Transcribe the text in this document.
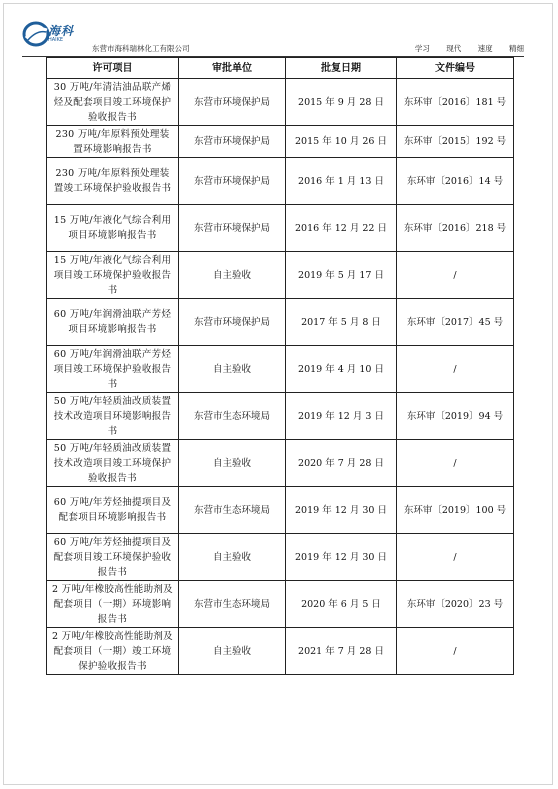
海科
HAIKE
东营市海科瑞林化工有限公司	学习 现代 速度 精细
许可项目	审批单位	批复日期	文件编号
30 万吨/年清洁油品联产烯烃及配套项目竣工环境保护验收报告书	东营市环境保护局	2015 年 9 月 28 日	东环审〔2016〕181 号
230 万吨/年原料预处理装置环境影响报告书	东营市环境保护局	2015 年 10 月 26 日	东环审〔2015〕192 号
230 万吨/年原料预处理装置竣工环境保护验收报告书	东营市环境保护局	2016 年 1 月 13 日	东环审〔2016〕14 号
15 万吨/年液化气综合利用项目环境影响报告书	东营市环境保护局	2016 年 12 月 22 日	东环审〔2016〕218 号
15 万吨/年液化气综合利用项目竣工环境保护验收报告书	自主验收	2019 年 5 月 17 日	/
60 万吨/年润滑油联产芳烃项目环境影响报告书	东营市环境保护局	2017 年 5 月 8 日	东环审〔2017〕45 号
60 万吨/年润滑油联产芳烃项目竣工环境保护验收报告书	自主验收	2019 年 4 月 10 日	/
50 万吨/年轻质油改质装置技术改造项目环境影响报告书	东营市生态环境局	2019 年 12 月 3 日	东环审〔2019〕94 号
50 万吨/年轻质油改质装置技术改造项目竣工环境保护验收报告书	自主验收	2020 年 7 月 28 日	/
60 万吨/年芳烃抽提项目及配套项目环境影响报告书	东营市生态环境局	2019 年 12 月 30 日	东环审〔2019〕100 号
60 万吨/年芳烃抽提项目及配套项目竣工环境保护验收报告书	自主验收	2019 年 12 月 30 日	/
2 万吨/年橡胶高性能助剂及配套项目（一期）环境影响报告书	东营市生态环境局	2020 年 6 月 5 日	东环审〔2020〕23 号
2 万吨/年橡胶高性能助剂及配套项目（一期）竣工环境保护验收报告书	自主验收	2021 年 7 月 28 日	/
